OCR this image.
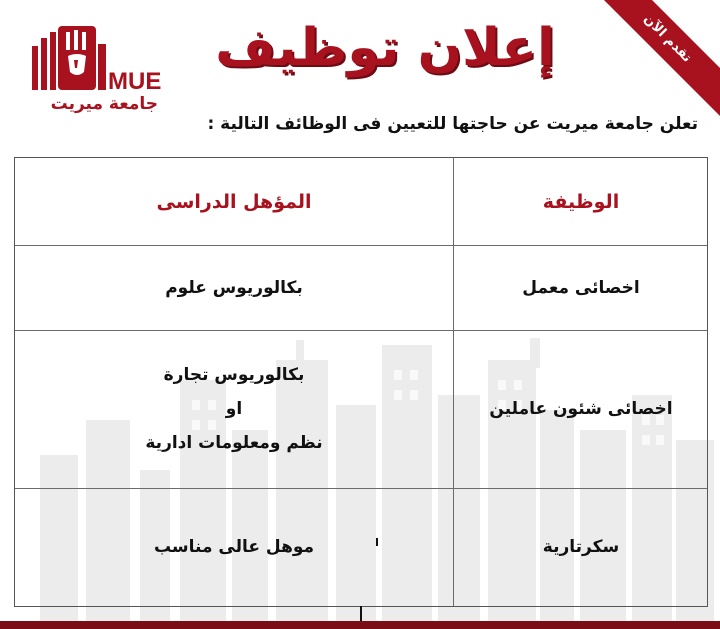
تقدم الآن
MUE
جامعة ميريت
إعلان توظيف
تعلن جامعة ميريت عن حاجتها للتعيين فى الوظائف التالية :
الوظيفة
المؤهل الدراسى
اخصائى معمل
بكالوريوس علوم
اخصائى شئون عاملين
بكالوريوس تجارة
او
نظم ومعلومات ادارية
سكرتارية
موهل عالى مناسب
